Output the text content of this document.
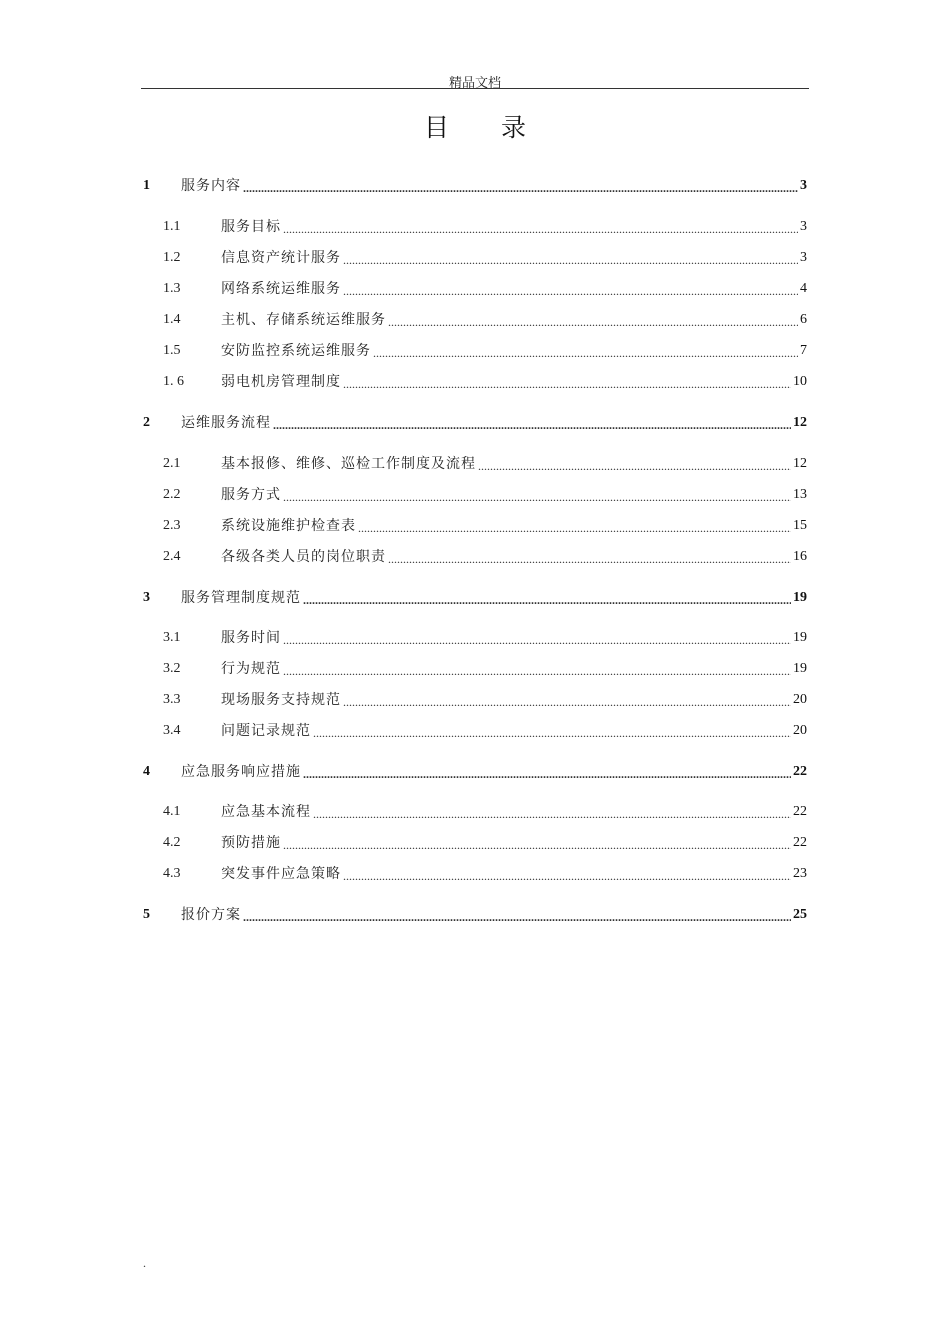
精品文档
目 录
1	服务内容 .....	3
1.1	服务目标 .....	3
1.2	信息资产统计服务 .....	3
1.3	网络系统运维服务 .....	4
1.4	主机、存储系统运维服务 .....	6
1.5	安防监控系统运维服务 .....	7
1. 6	弱电机房管理制度 .....	10
2	运维服务流程 .....	12
2.1	基本报修、维修、巡检工作制度及流程 .....	12
2.2	服务方式 .....	13
2.3	系统设施维护检查表 .....	15
2.4	各级各类人员的岗位职责 .....	16
3	服务管理制度规范 .....	19
3.1	服务时间 .....	19
3.2	行为规范 .....	19
3.3	现场服务支持规范 .....	20
3.4	问题记录规范 .....	20
4	应急服务响应措施 .....	22
4.1	应急基本流程 .....	22
4.2	预防措施 .....	22
4.3	突发事件应急策略 .....	23
5	报价方案 .....	25
.
